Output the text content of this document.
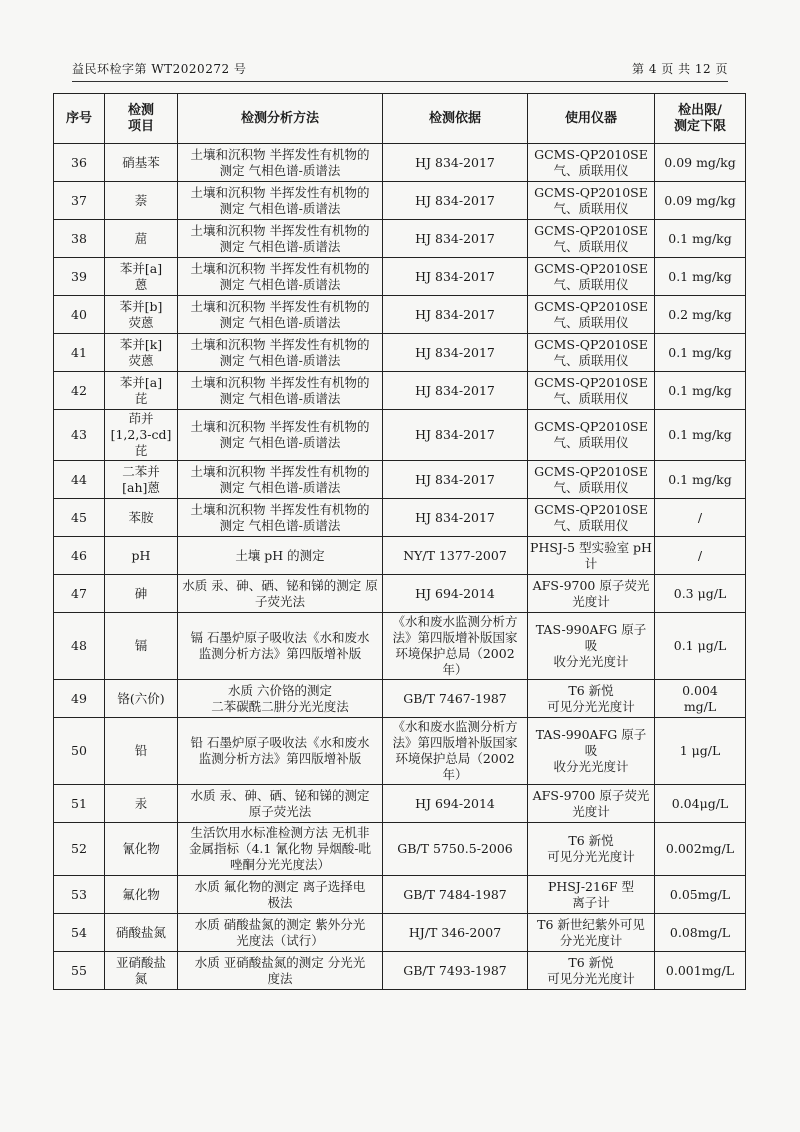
益民环检字第 WT2020272 号	第 4 页 共 12 页
序号	检测
项目	检测分析方法	检测依据	使用仪器	检出限/
测定下限
36	硝基苯	土壤和沉积物 半挥发性有机物的
测定 气相色谱-质谱法	HJ 834-2017	GCMS-QP2010SE
气、质联用仪	0.09 mg/kg
37	萘	土壤和沉积物 半挥发性有机物的
测定 气相色谱-质谱法	HJ 834-2017	GCMS-QP2010SE
气、质联用仪	0.09 mg/kg
38	䓛	土壤和沉积物 半挥发性有机物的
测定 气相色谱-质谱法	HJ 834-2017	GCMS-QP2010SE
气、质联用仪	0.1 mg/kg
39	苯并[a]
蒽	土壤和沉积物 半挥发性有机物的
测定 气相色谱-质谱法	HJ 834-2017	GCMS-QP2010SE
气、质联用仪	0.1 mg/kg
40	苯并[b]
荧蒽	土壤和沉积物 半挥发性有机物的
测定 气相色谱-质谱法	HJ 834-2017	GCMS-QP2010SE
气、质联用仪	0.2 mg/kg
41	苯并[k]
荧蒽	土壤和沉积物 半挥发性有机物的
测定 气相色谱-质谱法	HJ 834-2017	GCMS-QP2010SE
气、质联用仪	0.1 mg/kg
42	苯并[a]
芘	土壤和沉积物 半挥发性有机物的
测定 气相色谱-质谱法	HJ 834-2017	GCMS-QP2010SE
气、质联用仪	0.1 mg/kg
43	茚并
[1,2,3-cd]
芘	土壤和沉积物 半挥发性有机物的
测定 气相色谱-质谱法	HJ 834-2017	GCMS-QP2010SE
气、质联用仪	0.1 mg/kg
44	二苯并
[ah]蒽	土壤和沉积物 半挥发性有机物的
测定 气相色谱-质谱法	HJ 834-2017	GCMS-QP2010SE
气、质联用仪	0.1 mg/kg
45	苯胺	土壤和沉积物 半挥发性有机物的
测定 气相色谱-质谱法	HJ 834-2017	GCMS-QP2010SE
气、质联用仪	/
46	pH	土壤 pH 的测定	NY/T 1377-2007	PHSJ-5 型实验室 pH
计	/
47	砷	水质 汞、砷、硒、铋和锑的测定 原
子荧光法	HJ 694-2014	AFS-9700 原子荧光
光度计	0.3 μg/L
48	镉	镉 石墨炉原子吸收法《水和废水
监测分析方法》第四版增补版	《水和废水监测分析方
法》第四版增补版国家
环境保护总局（2002
年）	TAS-990AFG 原子吸
收分光光度计	0.1 μg/L
49	铬(六价)	水质 六价铬的测定
二苯碳酰二肼分光光度法	GB/T 7467-1987	T6 新悦
可见分光光度计	0.004
mg/L
50	铅	铅 石墨炉原子吸收法《水和废水
监测分析方法》第四版增补版	《水和废水监测分析方
法》第四版增补版国家
环境保护总局（2002
年）	TAS-990AFG 原子吸
收分光光度计	1 μg/L
51	汞	水质 汞、砷、硒、铋和锑的测定
原子荧光法	HJ 694-2014	AFS-9700 原子荧光
光度计	0.04μg/L
52	氰化物	生活饮用水标准检测方法 无机非
金属指标（4.1 氰化物 异烟酸-吡
唑酮分光光度法）	GB/T 5750.5-2006	T6 新悦
可见分光光度计	0.002mg/L
53	氟化物	水质 氟化物的测定 离子选择电
极法	GB/T 7484-1987	PHSJ-216F 型
离子计	0.05mg/L
54	硝酸盐氮	水质 硝酸盐氮的测定 紫外分光
光度法（试行）	HJ/T 346-2007	T6 新世纪紫外可见
分光光度计	0.08mg/L
55	亚硝酸盐
氮	水质 亚硝酸盐氮的测定 分光光
度法	GB/T 7493-1987	T6 新悦
可见分光光度计	0.001mg/L
